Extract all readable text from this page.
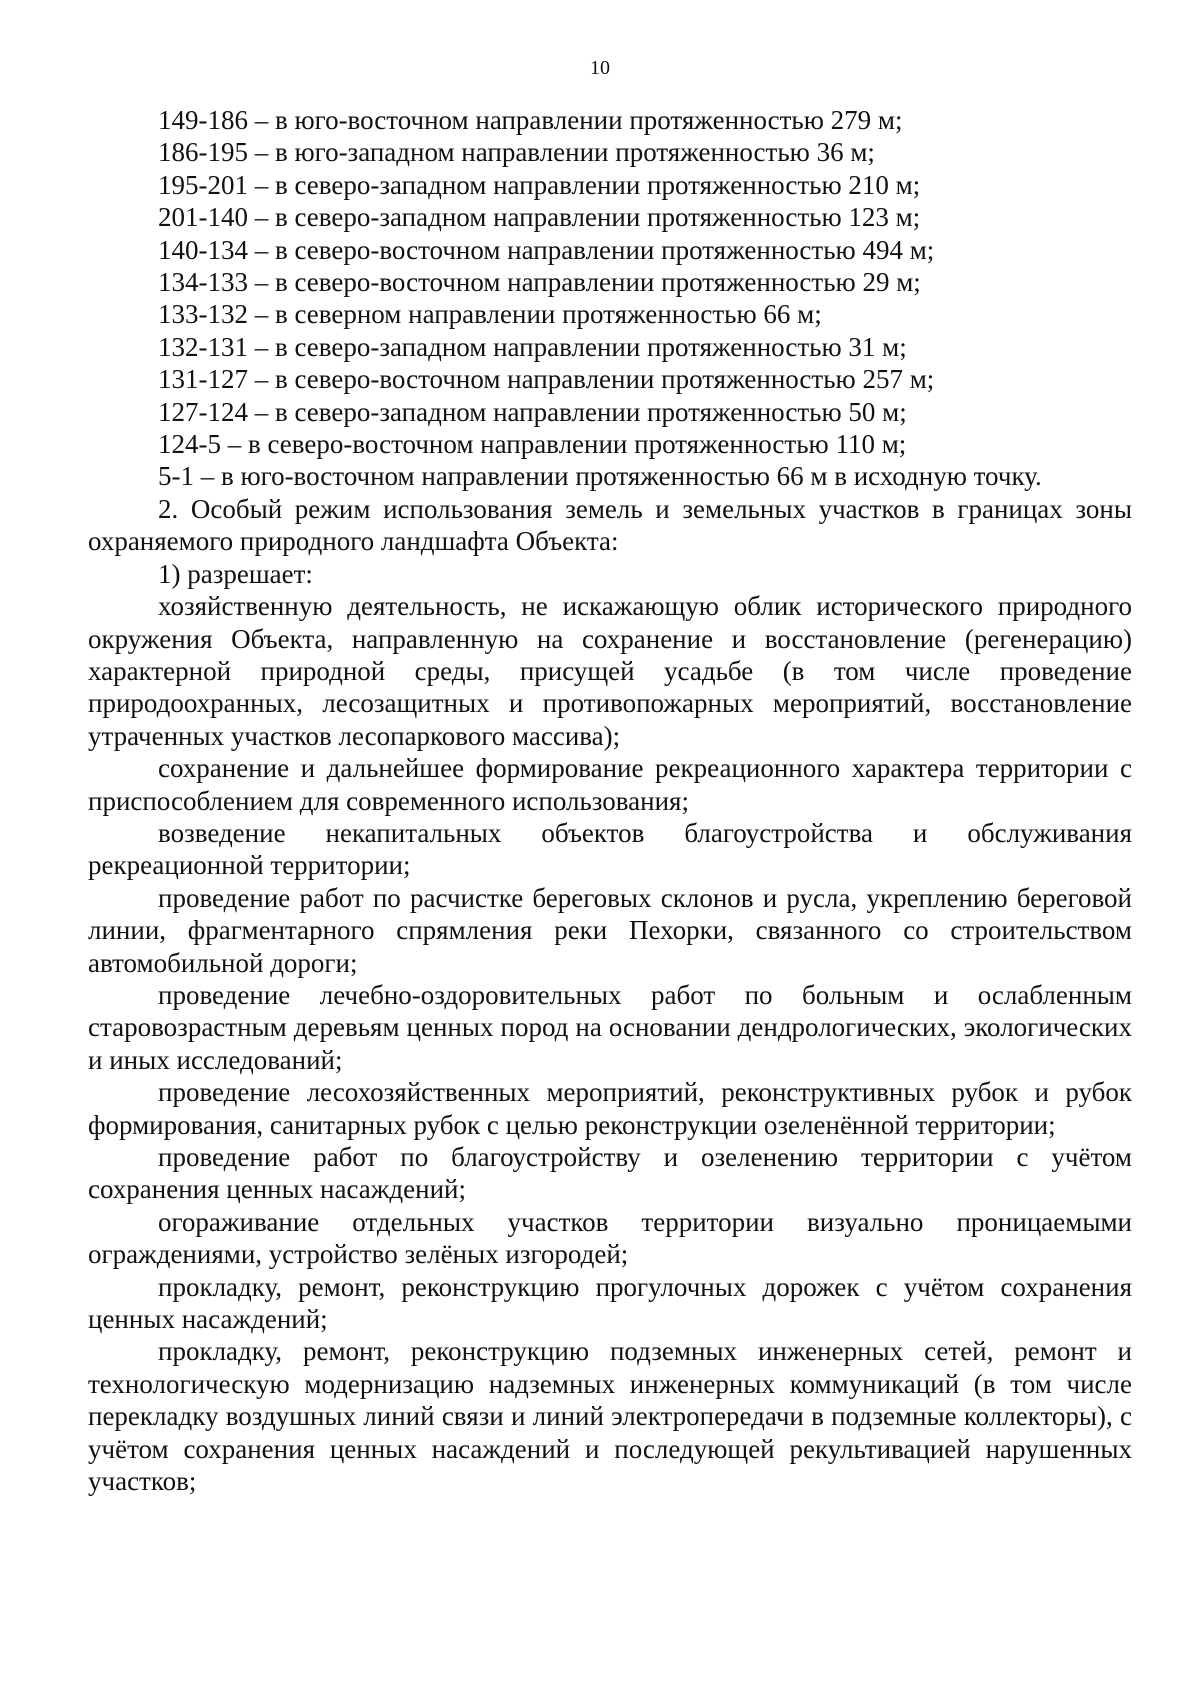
10

149-186 – в юго-восточном направлении протяженностью 279 м;

186-195 – в юго-западном направлении протяженностью 36 м;

195-201 – в северо-западном направлении протяженностью 210 м;

201-140 – в северо-западном направлении протяженностью 123 м;

140-134 – в северо-восточном направлении протяженностью 494 м;

134-133 – в северо-восточном направлении протяженностью 29 м;

133-132 – в северном направлении протяженностью 66 м;

132-131 – в северо-западном направлении протяженностью 31 м;

131-127 – в северо-восточном направлении протяженностью 257 м;

127-124 – в северо-западном направлении протяженностью 50 м;

124-5 – в северо-восточном направлении протяженностью 110 м;

5-1 – в юго-восточном направлении протяженностью 66 м в исходную точку.

2. Особый режим использования земель и земельных участков в границах зоны охраняемого природного ландшафта Объекта:

1) разрешает:

хозяйственную деятельность, не искажающую облик исторического природного окружения Объекта, направленную на сохранение и восстановление (регенерацию) характерной природной среды, присущей усадьбе (в том числе проведение природоохранных, лесозащитных и противопожарных мероприятий, восстановление утраченных участков лесопаркового массива);

сохранение и дальнейшее формирование рекреационного характера территории с приспособлением для современного использования;

возведение некапитальных объектов благоустройства и обслуживания рекреационной территории;

проведение работ по расчистке береговых склонов и русла, укреплению береговой линии, фрагментарного спрямления реки Пехорки, связанного со строительством автомобильной дороги;

проведение лечебно-оздоровительных работ по больным и ослабленным старовозрастным деревьям ценных пород на основании дендрологических, экологических и иных исследований;

проведение лесохозяйственных мероприятий, реконструктивных рубок и рубок формирования, санитарных рубок с целью реконструкции озеленённой территории;

проведение работ по благоустройству и озеленению территории с учётом сохранения ценных насаждений;

огораживание отдельных участков территории визуально проницаемыми ограждениями, устройство зелёных изгородей;

прокладку, ремонт, реконструкцию прогулочных дорожек с учётом сохранения ценных насаждений;

прокладку, ремонт, реконструкцию подземных инженерных сетей, ремонт и технологическую модернизацию надземных инженерных коммуникаций (в том числе перекладку воздушных линий связи и линий электропередачи в подземные коллекторы), с учётом сохранения ценных насаждений и последующей рекультивацией нарушенных участков;
